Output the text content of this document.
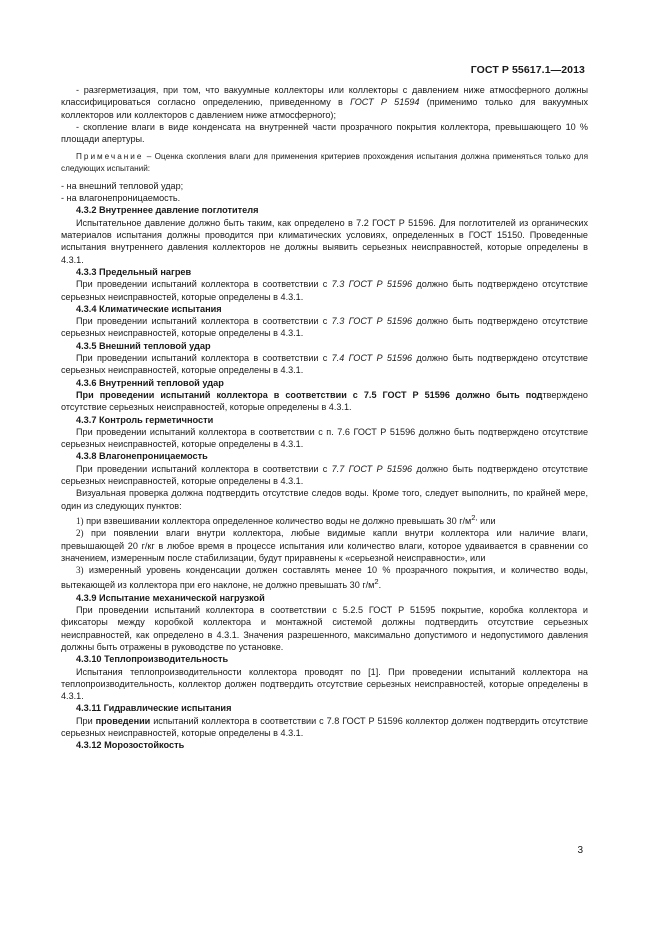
ГОСТ Р 55617.1—2013

- разгерметизация, при том, что вакуумные коллекторы или коллекторы с давлением ниже атмосферного должны классифицироваться согласно определению, приведенному в ГОСТ Р 51594 (применимо только для вакуумных коллекторов или коллекторов с давлением ниже атмосферного);

- скопление влаги в виде конденсата на внутренней части прозрачного покрытия коллектора, превышающего 10 % площади апертуры.

Примечание – Оценка скопления влаги для применения критериев прохождения испытания должна применяться только для следующих испытаний:

- на внешний тепловой удар;

- на влагонепроницаемость.

4.3.2 Внутреннее давление поглотителя

Испытательное давление должно быть таким, как определено в 7.2 ГОСТ Р 51596. Для поглотителей из органических материалов испытания должны проводится при климатических условиях, определенных в ГОСТ 15150. Проведенные испытания внутреннего давления коллекторов не должны выявить серьезных неисправностей, которые определены в 4.3.1.

4.3.3 Предельный нагрев

При проведении испытаний коллектора в соответствии с 7.3 ГОСТ Р 51596 должно быть подтверждено отсутствие серьезных неисправностей, которые определены в 4.3.1.

4.3.4 Климатические испытания

При проведении испытаний коллектора в соответствии с 7.3 ГОСТ Р 51596 должно быть подтверждено отсутствие серьезных неисправностей, которые определены в 4.3.1.

4.3.5 Внешний тепловой удар

При проведении испытаний коллектора в соответствии с 7.4 ГОСТ Р 51596 должно быть подтверждено отсутствие серьезных неисправностей, которые определены в 4.3.1.

4.3.6 Внутренний тепловой удар

При проведении испытаний коллектора в соответствии с 7.5 ГОСТ Р 51596 должно быть подтверждено отсутствие серьезных неисправностей, которые определены в 4.3.1.

4.3.7 Контроль герметичности

При проведении испытаний коллектора в соответствии с п. 7.6 ГОСТ Р 51596 должно быть подтверждено отсутствие серьезных неисправностей, которые определены в 4.3.1.

4.3.8 Влагонепроницаемость

При проведении испытаний коллектора в соответствии с 7.7 ГОСТ Р 51596 должно быть подтверждено отсутствие серьезных неисправностей, которые определены в 4.3.1.

Визуальная проверка должна подтвердить отсутствие следов воды. Кроме того, следует выполнить, по крайней мере, один из следующих пунктов:

1) при взвешивании коллектора определенное количество воды не должно превышать 30 $г/м^{2,}$ или

2) при появлении влаги внутри коллектора, любые видимые капли внутри коллектора или наличие влаги, превышающей 20 г/кг в любое время в процессе испытания или количество влаги, которое удваивается в сравнении со значением, измеренным после стабилизации, будут приравнены к «серьезной неисправности», или

3) измеренный уровень конденсации должен составлять менее 10 % прозрачного покрытия, и количество воды, вытекающей из коллектора при его наклоне, не должно превышать 30 $г/м^2$.

4.3.9 Испытание механической нагрузкой

При проведении испытаний коллектора в соответствии с 5.2.5 ГОСТ Р 51595 покрытие, коробка коллектора и фиксаторы между коробкой коллектора и монтажной системой должны подтвердить отсутствие серьезных неисправностей, как определено в 4.3.1. Значения разрешенного, максимально допустимого и недопустимого давления должны быть отражены в руководстве по установке.

4.3.10 Теплопроизводительность

Испытания теплопроизводительности коллектора проводят по [1]. При проведении испытаний коллектора на теплопроизводительность, коллектор должен подтвердить отсутствие серьезных неисправностей, которые определены в 4.3.1.

4.3.11 Гидравлические испытания

При проведении испытаний коллектора в соответствии с 7.8 ГОСТ Р 51596 коллектор должен подтвердить отсутствие серьезных неисправностей, которые определены в 4.3.1.

4.3.12 Морозостойкость
3
